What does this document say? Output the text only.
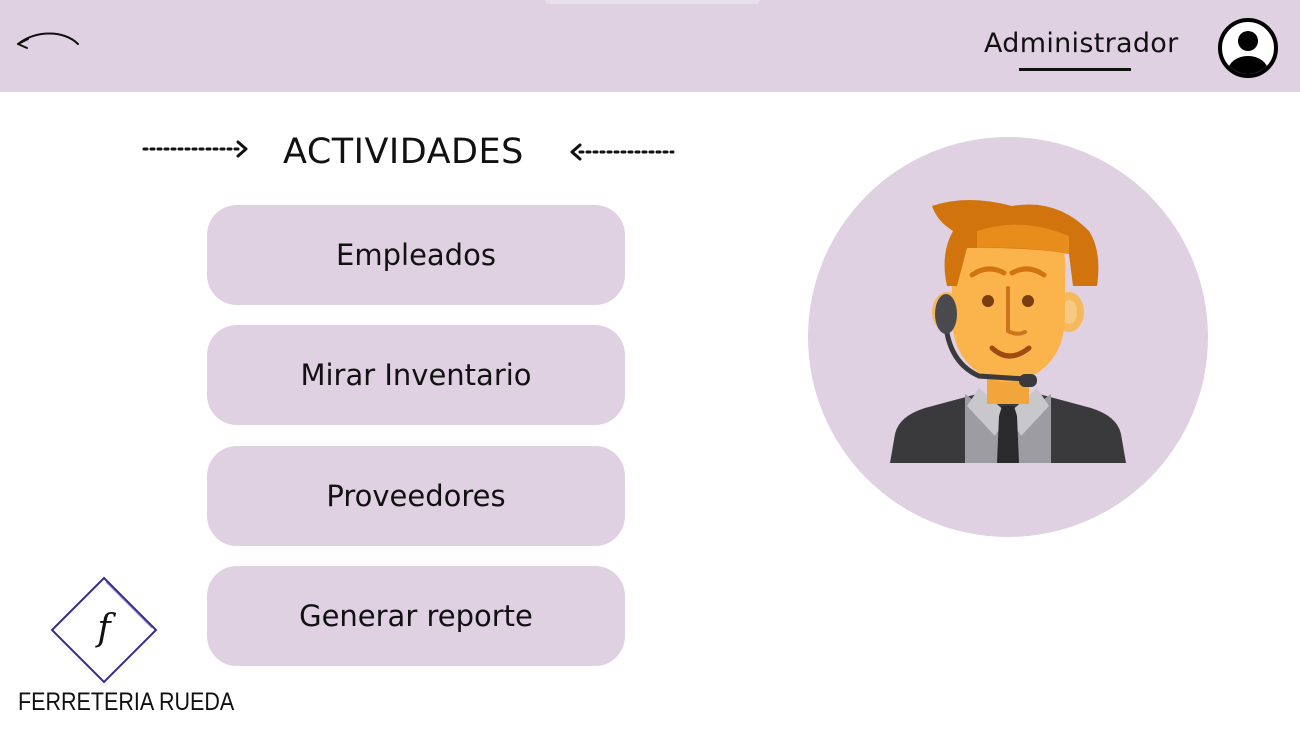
Administrador
ACTIVIDADES
Empleados
Mirar Inventario
Proveedores
Generar reporte
f
FERRETERIA RUEDA
